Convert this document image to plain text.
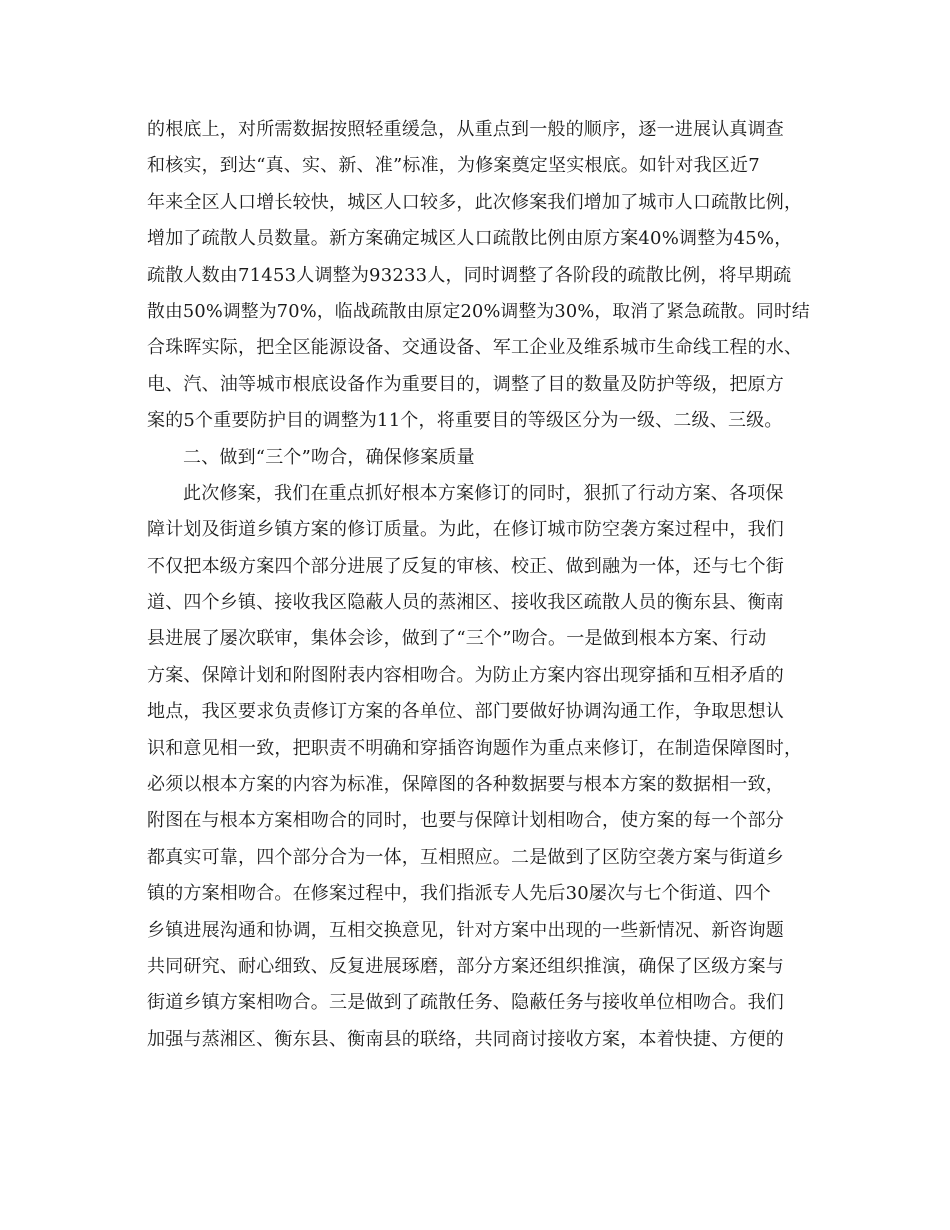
的根底上，对所需数据按照轻重缓急，从重点到一般的顺序，逐一进展认真调查
和核实，到达“真、实、新、准”标准，为修案奠定坚实根底。如针对我区近7
年来全区人口增长较快，城区人口较多，此次修案我们增加了城市人口疏散比例，
增加了疏散人员数量。新方案确定城区人口疏散比例由原方案40%调整为45%，
疏散人数由71453人调整为93233人，同时调整了各阶段的疏散比例，将早期疏
散由50%调整为70%，临战疏散由原定20%调整为30%，取消了紧急疏散。同时结
合珠晖实际，把全区能源设备、交通设备、军工企业及维系城市生命线工程的水、
电、汽、油等城市根底设备作为重要目的，调整了目的数量及防护等级，把原方
案的5个重要防护目的调整为11个，将重要目的等级区分为一级、二级、三级。
二、做到“三个”吻合，确保修案质量
此次修案，我们在重点抓好根本方案修订的同时，狠抓了行动方案、各项保
障计划及街道乡镇方案的修订质量。为此，在修订城市防空袭方案过程中，我们
不仅把本级方案四个部分进展了反复的审核、校正、做到融为一体，还与七个街
道、四个乡镇、接收我区隐蔽人员的蒸湘区、接收我区疏散人员的衡东县、衡南
县进展了屡次联审，集体会诊，做到了“三个”吻合。一是做到根本方案、行动
方案、保障计划和附图附表内容相吻合。为防止方案内容出现穿插和互相矛盾的
地点，我区要求负责修订方案的各单位、部门要做好协调沟通工作，争取思想认
识和意见相一致，把职责不明确和穿插咨询题作为重点来修订，在制造保障图时，
必须以根本方案的内容为标准，保障图的各种数据要与根本方案的数据相一致，
附图在与根本方案相吻合的同时，也要与保障计划相吻合，使方案的每一个部分
都真实可靠，四个部分合为一体，互相照应。二是做到了区防空袭方案与街道乡
镇的方案相吻合。在修案过程中，我们指派专人先后30屡次与七个街道、四个
乡镇进展沟通和协调，互相交换意见，针对方案中出现的一些新情况、新咨询题
共同研究、耐心细致、反复进展琢磨，部分方案还组织推演，确保了区级方案与
街道乡镇方案相吻合。三是做到了疏散任务、隐蔽任务与接收单位相吻合。我们
加强与蒸湘区、衡东县、衡南县的联络，共同商讨接收方案，本着快捷、方便的
